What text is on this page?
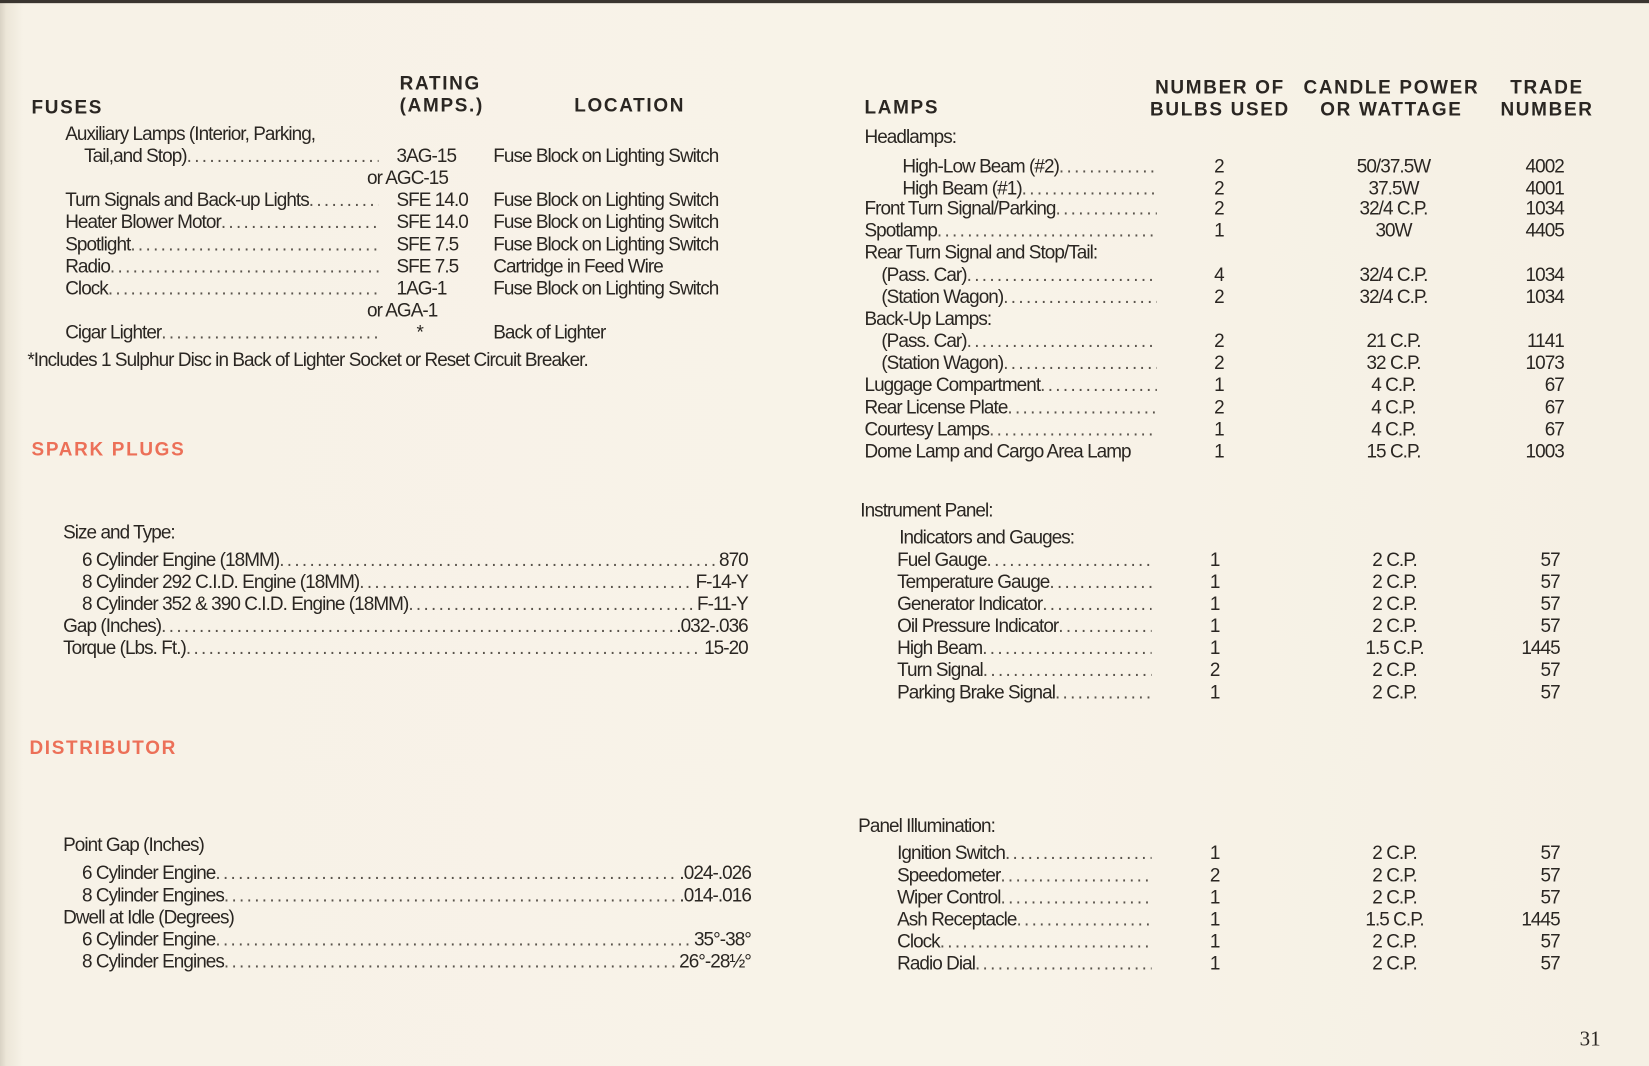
FUSES
RATING
(AMPS.)	LOCATION
Auxiliary Lamps (Interior, Parking,
Tail,and Stop) .....	3AG-15 Fuse Block on Lighting Switch
or AGC-15
Turn Signals and Back-up Lights .....	SFE 14.0 Fuse Block on Lighting Switch
Heater Blower Motor .....	SFE 14.0 Fuse Block on Lighting Switch
Spotlight .....	SFE 7.5 Fuse Block on Lighting Switch
Radio .....	SFE 7.5 Cartridge in Feed Wire
Clock .....	1AG-1	Fuse Block on Lighting Switch
or AGA-1
Cigar Lighter .....	*	Back of Lighter
*Includes 1 Sulphur Disc in Back of Lighter Socket or Reset Circuit Breaker.
SPARK PLUGS
Size and Type:
6 Cylinder Engine (18MM) .....	870
8 Cylinder 292 C.I.D. Engine (18MM) .....	F-14-Y
8 Cylinder 352 & 390 C.I.D. Engine (18MM) .....	F-11-Y
Gap (Inches) .....	.032-.036
Torque (Lbs. Ft.) .....	15-20
DISTRIBUTOR
Point Gap (Inches)
6 Cylinder Engine .....	.024-.026
8 Cylinder Engines .....	.014-.016
Dwell at Idle (Degrees)
6 Cylinder Engine .....	35°-38°
8 Cylinder Engines .....	26°-28½°
LAMPS
NUMBER OF
BULBS USED
CANDLE POWER
OR WATTAGE
TRADE
NUMBER
Headlamps:
High-Low Beam (#2) .....	2	50/37.5W	4002
High Beam (#1) .....	2	37.5W	4001
Front Turn Signal/Parking .....	2	32/4 C.P.	1034
Spotlamp .....	1	30W	4405
Rear Turn Signal and Stop/Tail:
(Pass. Car) .....	4	32/4 C.P.	1034
(Station Wagon) .....	2	32/4 C.P.	1034
Back-Up Lamps:
(Pass. Car) .....	2	21 C.P.	1141
(Station Wagon) .....	2	32 C.P.	1073
Luggage Compartment .....	1	4 C.P.	67
Rear License Plate .....	2	4 C.P.	67
Courtesy Lamps .....	1	4 C.P.	67
Dome Lamp and Cargo Area Lamp	1	15 C.P.	1003
Instrument Panel:
Indicators and Gauges:
Fuel Gauge .....	1	2 C.P.	57
Temperature Gauge .....	1	2 C.P.	57
Generator Indicator .....	1	2 C.P.	57
Oil Pressure Indicator .....	1	2 C.P.	57
High Beam .....	1	1.5 C.P.	1445
Turn Signal .....	2	2 C.P.	57
Parking Brake Signal .....	1	2 C.P.	57
Panel Illumination:
Ignition Switch .....	1	2 C.P.	57
Speedometer .....	2	2 C.P.	57
Wiper Control .....	1	2 C.P.	57
Ash Receptacle .....	1	1.5 C.P.	1445
Clock .....	1	2 C.P.	57
Radio Dial .....	1	2 C.P.	57
31
